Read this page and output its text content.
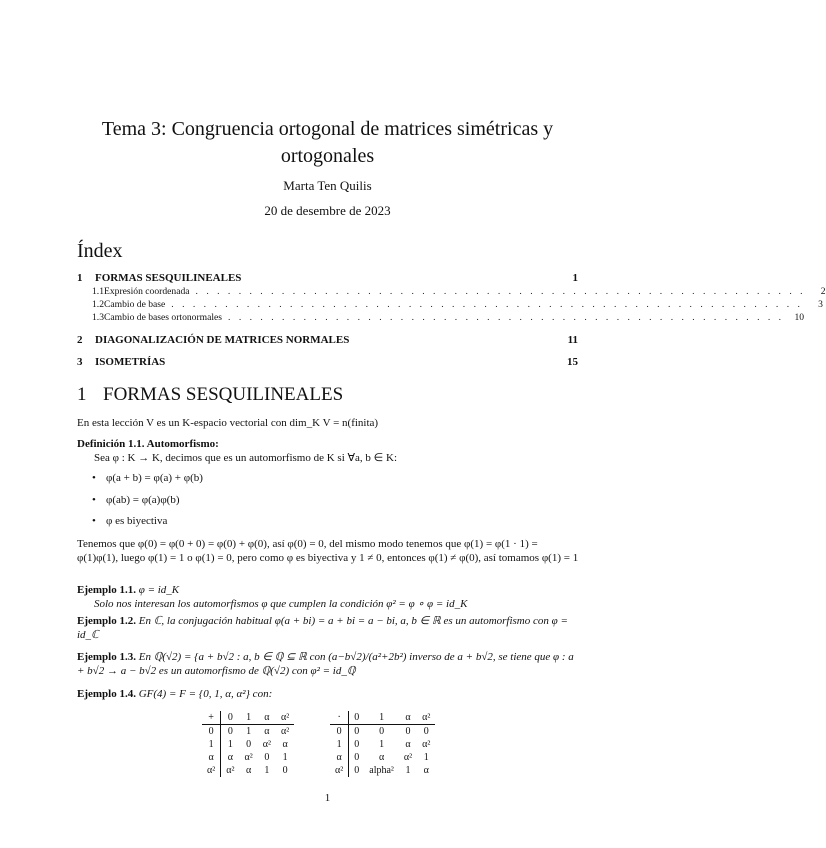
Tema 3: Congruencia ortogonal de matrices simétricas y ortogonales
Marta Ten Quilis
20 de desembre de 2023
Índex
1	FORMAS SESQUILINEALES	1
1.1 Expresión coordenada . . . . . . . . . . . . . . . . . . . . . . . . . . . . . . . . . . . . . . . . . . . . . . . . . . . . . . . . .	2
1.2 Cambio de base . . . . . . . . . . . . . . . . . . . . . . . . . . . . . . . . . . . . . . . . . . . . . . . . . . . . . . . . . . .	3
1.3 Cambio de bases ortonormales . . . . . . . . . . . . . . . . . . . . . . . . . . . . . . . . . . . . . . . . . . . . . . . . . . . .	10
2	DIAGONALIZACIÓN DE MATRICES NORMALES	11
3	ISOMETRÍAS	15
1 FORMAS SESQUILINEALES
En esta lección V es un K-espacio vectorial con dim_K V = n(finita)
Definición 1.1. Automorfismo:
Sea φ : K → K, decimos que es un automorfismo de K si ∀a, b ∈ K:
• φ(a + b) = φ(a) + φ(b)
• φ(ab) = φ(a)φ(b)
• φ es biyectiva
Tenemos que φ(0) = φ(0 + 0) = φ(0) + φ(0), así φ(0) = 0, del mismo modo tenemos que φ(1) = φ(1 · 1) = φ(1)φ(1), luego φ(1) = 1 o φ(1) = 0, pero como φ es biyectiva y 1 ≠ 0, entonces φ(1) ≠ φ(0), así tomamos φ(1) = 1
Ejemplo 1.1. φ = id_K
Solo nos interesan los automorfismos φ que cumplen la condición φ² = φ ∘ φ = id_K
Ejemplo 1.2. En ℂ, la conjugación habitual φ(a + bi) = a + bi = a − bi, a, b ∈ ℝ es un automorfismo con φ = id_ℂ
Ejemplo 1.3. En ℚ(√2) = {a + b√2 : a, b ∈ ℚ ⊆ ℝ con (a−b√2)/(a²+2b²) inverso de a + b√2, se tiene que φ : a + b√2 → a − b√2 es un automorfismo de ℚ(√2) con φ² = id_ℚ
Ejemplo 1.4. GF(4) = F = {0, 1, α, α²} con:
+	0	1	α	α²
0	0	1	α	α²
1	1	0	α²	α
α	α	α²	0	1
α²	α²	α	1	0
·	0	1	α	α²
0	0	0	0	0
1	0	1	α	α²
α	0	α	α²	1
α²	0	alpha²	1	α
1
